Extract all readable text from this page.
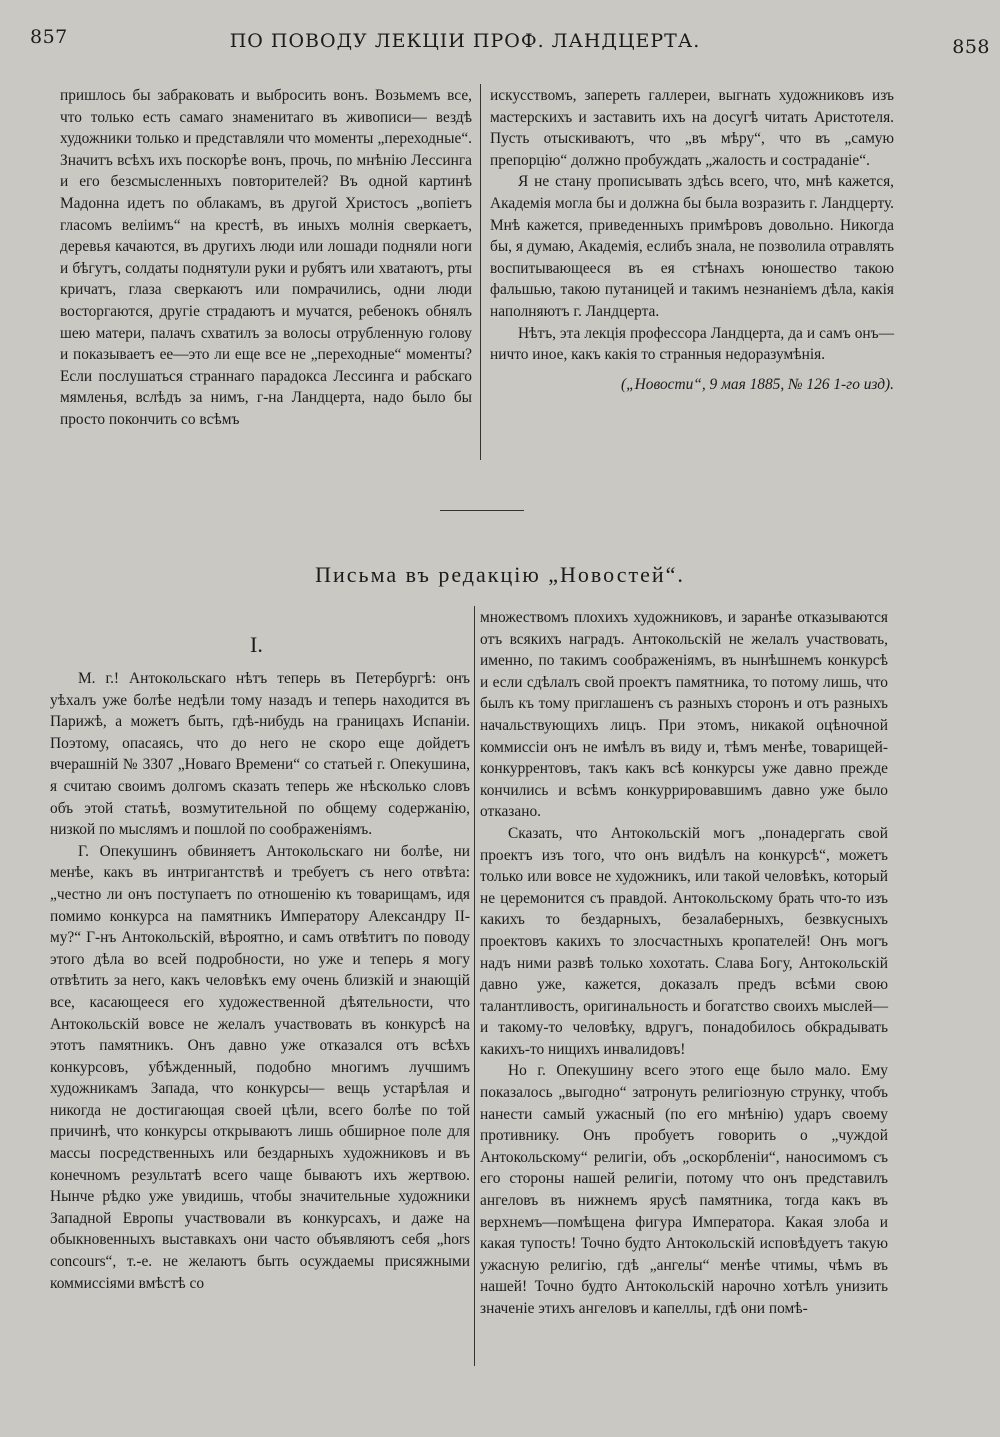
857	ПО ПОВОДУ ЛЕКЦІИ ПРОФ. ЛАНДЦЕРТА.	858

пришлось бы забраковать и выбросить вонъ. Возьмемъ все, что только есть самаго знаменитаго въ живописи— вездѣ художники только и представляли что моменты „переходные“. Значитъ всѣхъ ихъ поскорѣе вонъ, прочь, по мнѣнію Лессинга и его безсмысленныхъ повторителей? Въ одной картинѣ Мадонна идетъ по облакамъ, въ другой Христосъ „вопіетъ гласомъ велiимъ“ на крестѣ, въ иныхъ молнія сверкаетъ, деревья качаются, въ другихъ люди или лошади подняли ноги и бѣгутъ, солдаты поднятули руки и рубятъ или хватаютъ, рты кричатъ, глаза сверкаютъ или помрачились, одни люди восторгаются, другіе страдаютъ и мучатся, ребенокъ обнялъ шею матери, палачъ схватилъ за волосы отрубленную голову и показываетъ ее—это ли еще все не „переходные“ моменты? Если послушаться страннаго парадокса Лессинга и рабскаго мямленья, вслѣдъ за нимъ, г-на Ландцерта, надо было бы просто покончить со всѣмъ

искусствомъ, запереть галлереи, выгнать художниковъ изъ мастерскихъ и заставить ихъ на досугѣ читать Аристотеля. Пусть отыскиваютъ, что „въ мѣру“, что въ „самую препорцію“ должно пробуждать „жалость и состраданіе“.

Я не стану прописывать здѣсь всего, что, мнѣ кажется, Академія могла бы и должна бы была возразить г. Ландцерту. Мнѣ кажется, приведенныхъ примѣровъ довольно. Никогда бы, я думаю, Академія, еслибъ знала, не позволила отравлять воспитывающееся въ ея стѣнахъ юношество такою фальшью, такою путаницей и такимъ незнаніемъ дѣла, какія наполняютъ г. Ландцерта.

Нѣтъ, эта лекція профессора Ландцерта, да и самъ онъ—ничто иное, какъ какія то странныя недоразумѣнія.

(„Новости“, 9 мая 1885, № 126 1-го изд).
Письма въ редакцію „Новостей“.
I.

М. г.! Антокольскаго нѣтъ теперь въ Петербургѣ: онъ уѣхалъ уже болѣе недѣли тому назадъ и теперь находится въ Парижѣ, а можетъ быть, гдѣ-нибудь на границахъ Испаніи. Поэтому, опасаясь, что до него не скоро еще дойдетъ вчерашній № 3307 „Новаго Времени“ со статьей г. Опекушина, я считаю своимъ долгомъ сказать теперь же нѣсколько словъ объ этой статьѣ, возмутительной по общему содержанію, низкой по мыслямъ и пошлой по соображеніямъ.

Г. Опекушинъ обвиняетъ Антокольскаго ни болѣе, ни менѣе, какъ въ интригантствѣ и требуетъ съ него отвѣта: „честно ли онъ поступаетъ по отношенію къ товарищамъ, идя помимо конкурса на памятникъ Императору Александру II-му?“ Г-нъ Антокольскій, вѣроятно, и самъ отвѣтитъ по поводу этого дѣла во всей подробности, но уже и теперь я могу отвѣтить за него, какъ человѣкъ ему очень близкій и знающій все, касающееся его художественной дѣятельности, что Антокольскій вовсе не желалъ участвовать въ конкурсѣ на этотъ памятникъ. Онъ давно уже отказался отъ всѣхъ конкурсовъ, убѣжденный, подобно многимъ лучшимъ художникамъ Запада, что конкурсы— вещь устарѣлая и никогда не достигающая своей цѣли, всего болѣе по той причинѣ, что конкурсы открываютъ лишь обширное поле для массы посредственныхъ или бездарныхъ художниковъ и въ конечномъ результатѣ всего чаще бываютъ ихъ жертвою. Нынче рѣдко уже увидишь, чтобы значительные художники Западной Европы участвовали въ конкурсахъ, и даже на обыкновенныхъ выставкахъ они часто объявляютъ себя „hors concours“, т.-е. не желаютъ быть осуждаемы присяжными коммиссіями вмѣстѣ со

множествомъ плохихъ художниковъ, и заранѣе отказываются отъ всякихъ наградъ. Антокольскій не желалъ участвовать, именно, по такимъ соображеніямъ, въ нынѣшнемъ конкурсѣ и если сдѣлалъ свой проектъ памятника, то потому лишь, что былъ къ тому приглашенъ съ разныхъ сторонъ и отъ разныхъ начальствующихъ лицъ. При этомъ, никакой оцѣночной коммиссіи онъ не имѣлъ въ виду и, тѣмъ менѣе, товарищей-конкуррентовъ, такъ какъ всѣ конкурсы уже давно прежде кончились и всѣмъ конкуррировавшимъ давно уже было отказано.

Сказать, что Антокольскій могъ „понадергать свой проектъ изъ того, что онъ видѣлъ на конкурсѣ“, можетъ только или вовсе не художникъ, или такой человѣкъ, который не церемонится съ правдой. Антокольскому брать что-то изъ какихъ то бездарныхъ, безалаберныхъ, безвкусныхъ проектовъ какихъ то злосчастныхъ кропателей! Онъ могъ надъ ними развѣ только хохотать. Слава Богу, Антокольскій давно уже, кажется, доказалъ предъ всѣми свою талантливость, оригинальность и богатство своихъ мыслей— и такому-то человѣку, вдругъ, понадобилось обкрадывать какихъ-то нищихъ инвалидовъ!

Но г. Опекушину всего этого еще было мало. Ему показалось „выгодно“ затронуть религіозную струнку, чтобъ нанести самый ужасный (по его мнѣнію) ударъ своему противнику. Онъ пробуетъ говорить о „чуждой Антокольскому“ религіи, объ „оскорбленіи“, наносимомъ съ его стороны нашей религіи, потому что онъ представилъ ангеловъ въ нижнемъ ярусѣ памятника, тогда какъ въ верхнемъ—помѣщена фигура Императора. Какая злоба и какая тупость! Точно будто Антокольскій исповѣдуетъ такую ужасную религію, гдѣ „ангелы“ менѣе чтимы, чѣмъ въ нашей! Точно будто Антокольскій нарочно хотѣлъ унизить значеніе этихъ ангеловъ и капеллы, гдѣ они помѣ-
